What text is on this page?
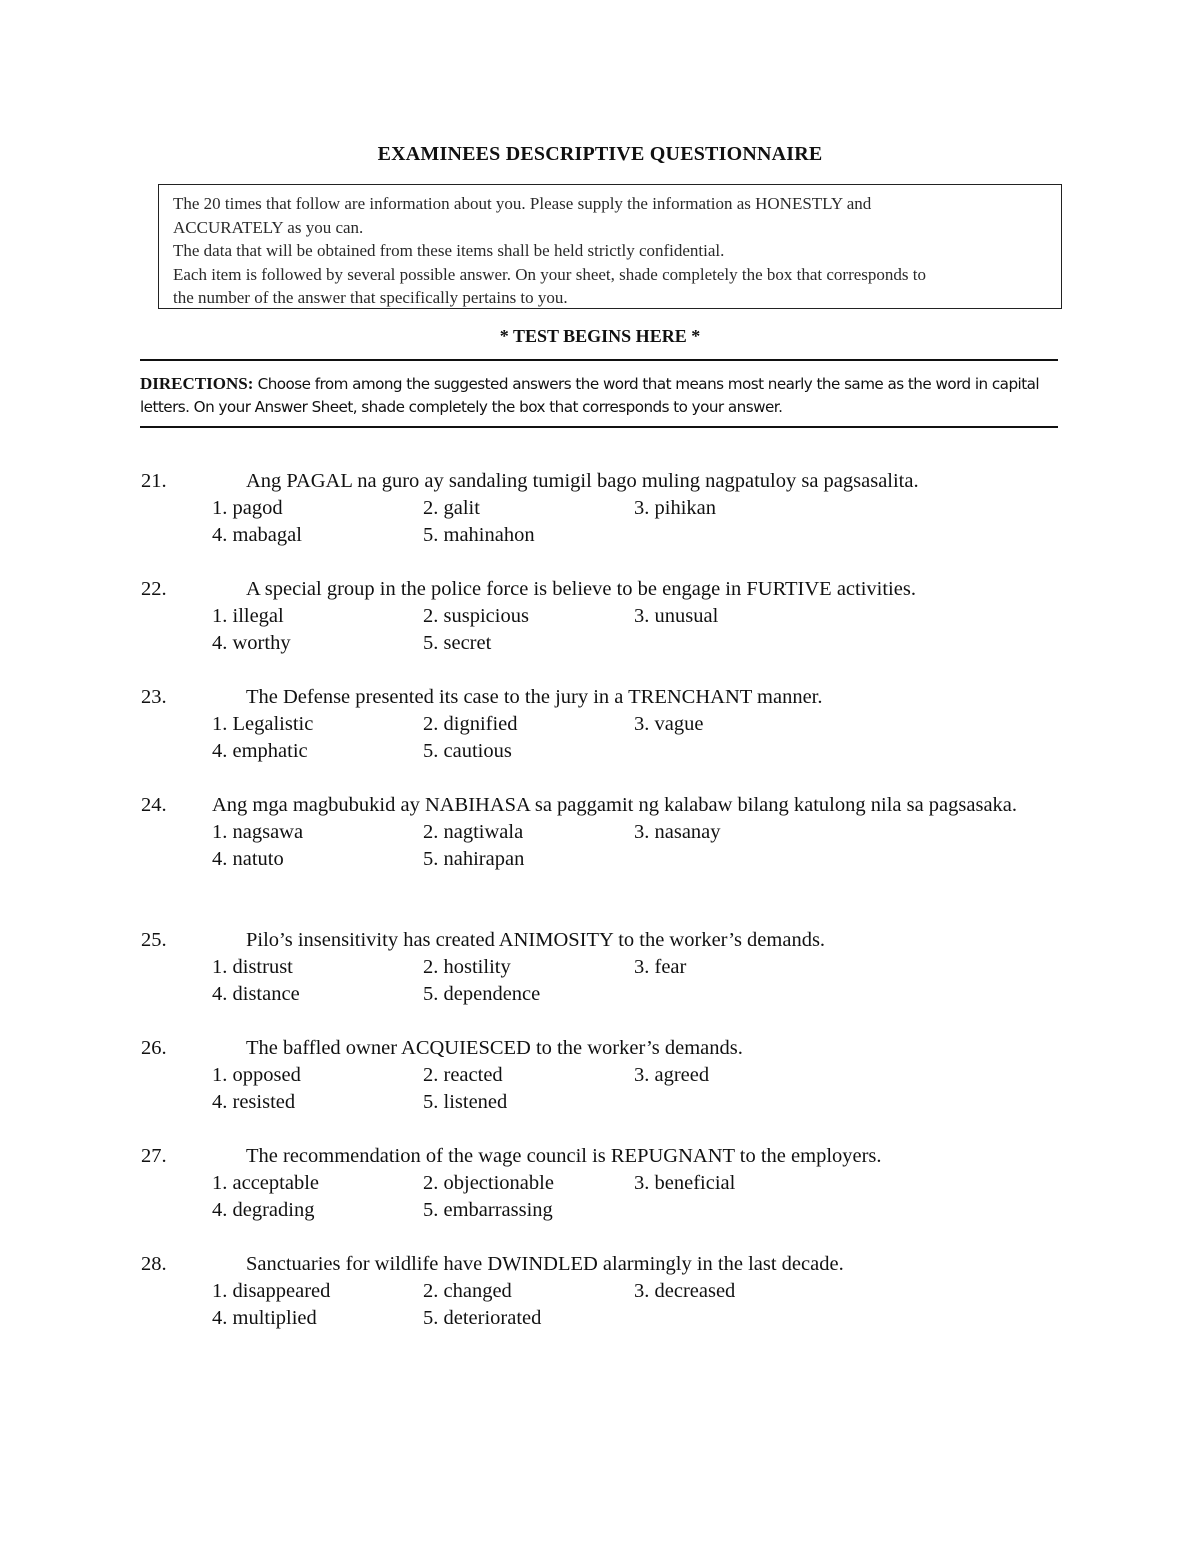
EXAMINEES DESCRIPTIVE QUESTIONNAIRE

The 20 times that follow are information about you. Please supply the information as HONESTLY and

ACCURATELY as you can.

The data that will be obtained from these items shall be held strictly confidential.

Each item is followed by several possible answer. On your sheet, shade completely the box that corresponds to

the number of the answer that specifically pertains to you.

* TEST BEGINS HERE *
DIRECTIONS: Choose from among the suggested answers the word that means most nearly the same as the word in capital letters. On your Answer Sheet, shade completely the box that corresponds to your answer.
21.	Ang PAGAL na guro ay sandaling tumigil bago muling nagpatuloy sa pagsasalita.
1. pagod	2. galit	3. pihikan
4. mabagal	5. mahinahon
22.	A special group in the police force is believe to be engage in FURTIVE activities.
1. illegal	2. suspicious	3. unusual
4. worthy	5. secret
23.	The Defense presented its case to the jury in a TRENCHANT manner.
1. Legalistic	2. dignified	3. vague
4. emphatic	5. cautious
24. Ang mga magbubukid ay NABIHASA sa paggamit ng kalabaw bilang katulong nila sa pagsasaka.
1. nagsawa	2. nagtiwala	3. nasanay
4. natuto	5. nahirapan
25.	Pilo’s insensitivity has created ANIMOSITY to the worker’s demands.
1. distrust	2. hostility	3. fear
4. distance	5. dependence
26.	The baffled owner ACQUIESCED to the worker’s demands.
1. opposed	2. reacted	3. agreed
4. resisted	5. listened
27.	The recommendation of the wage council is REPUGNANT to the employers.
1. acceptable	2. objectionable	3. beneficial
4. degrading	5. embarrassing
28.	Sanctuaries for wildlife have DWINDLED alarmingly in the last decade.
1. disappeared	2. changed	3. decreased
4. multiplied	5. deteriorated
